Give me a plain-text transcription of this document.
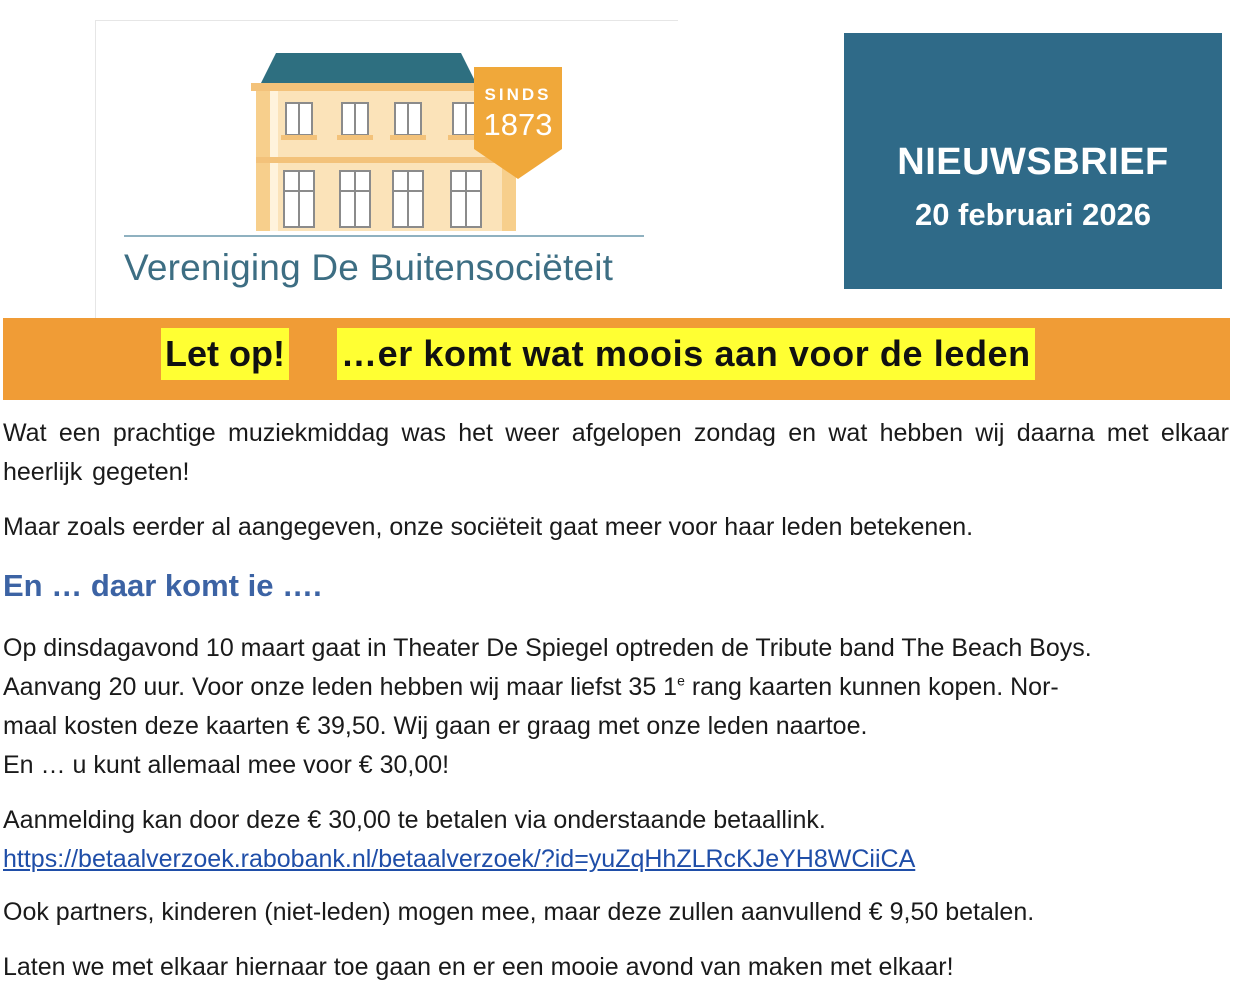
SINDS
1873
Vereniging De Buitensociëteit
NIEUWSBRIEF
20 februari 2026
Let op! …er komt wat moois aan voor de leden

Wat een prachtige muziekmiddag was het weer afgelopen zondag en wat hebben wij daarna met elkaar heerlijk gegeten!

Maar zoals eerder al aangegeven, onze sociëteit gaat meer voor haar leden betekenen.

En … daar komt ie ….
Op dinsdagavond 10 maart gaat in Theater De Spiegel optreden de Tribute band The Beach Boys.
Aanvang 20 uur. Voor onze leden hebben wij maar liefst 35 1e rang kaarten kunnen kopen. Nor-
maal kosten deze kaarten € 39,50. Wij gaan er graag met onze leden naartoe.
En … u kunt allemaal mee voor € 30,00!

Aanmelding kan door deze € 30,00 te betalen via onderstaande betaallink.

https://betaalverzoek.rabobank.nl/betaalverzoek/?id=yuZqHhZLRcKJeYH8WCiiCA

Ook partners, kinderen (niet-leden) mogen mee, maar deze zullen aanvullend € 9,50 betalen.

Laten we met elkaar hiernaar toe gaan en er een mooie avond van maken met elkaar!
